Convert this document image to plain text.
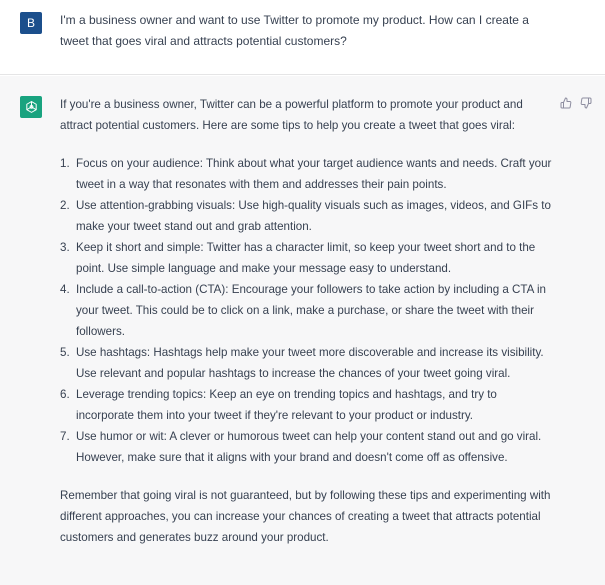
B	I'm a business owner and want to use Twitter to promote my product. How can I create a tweet that goes viral and attracts potential customers?

If you're a business owner, Twitter can be a powerful platform to promote your product and attract potential customers. Here are some tips to help you create a tweet that goes viral:

1. Focus on your audience: Think about what your target audience wants and needs. Craft your tweet in a way that resonates with them and addresses their pain points.
2. Use attention-grabbing visuals: Use high-quality visuals such as images, videos, and GIFs to make your tweet stand out and grab attention.
3. Keep it short and simple: Twitter has a character limit, so keep your tweet short and to the point. Use simple language and make your message easy to understand.
4. Include a call-to-action (CTA): Encourage your followers to take action by including a CTA in your tweet. This could be to click on a link, make a purchase, or share the tweet with their followers.
5. Use hashtags: Hashtags help make your tweet more discoverable and increase its visibility. Use relevant and popular hashtags to increase the chances of your tweet going viral.
6. Leverage trending topics: Keep an eye on trending topics and hashtags, and try to incorporate them into your tweet if they're relevant to your product or industry.
7. Use humor or wit: A clever or humorous tweet can help your content stand out and go viral. However, make sure that it aligns with your brand and doesn't come off as offensive.

Remember that going viral is not guaranteed, but by following these tips and experimenting with different approaches, you can increase your chances of creating a tweet that attracts potential customers and generates buzz around your product.
